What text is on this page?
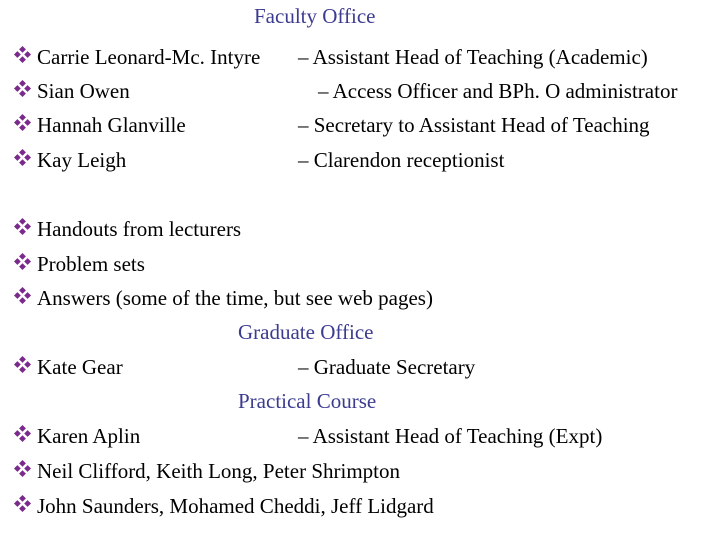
Faculty Office
Carrie Leonard-Mc. Intyre – Assistant Head of Teaching (Academic)
Sian Owen	– Access Officer and BPh. O administrator
Hannah Glanville	– Secretary to Assistant Head of Teaching
Kay Leigh	– Clarendon receptionist
Handouts from lecturers
Problem sets
Answers (some of the time, but see web pages)
Graduate Office
Kate Gear	– Graduate Secretary
Practical Course
Karen Aplin	– Assistant Head of Teaching (Expt)
Neil Clifford, Keith Long, Peter Shrimpton
John Saunders, Mohamed Cheddi, Jeff Lidgard
